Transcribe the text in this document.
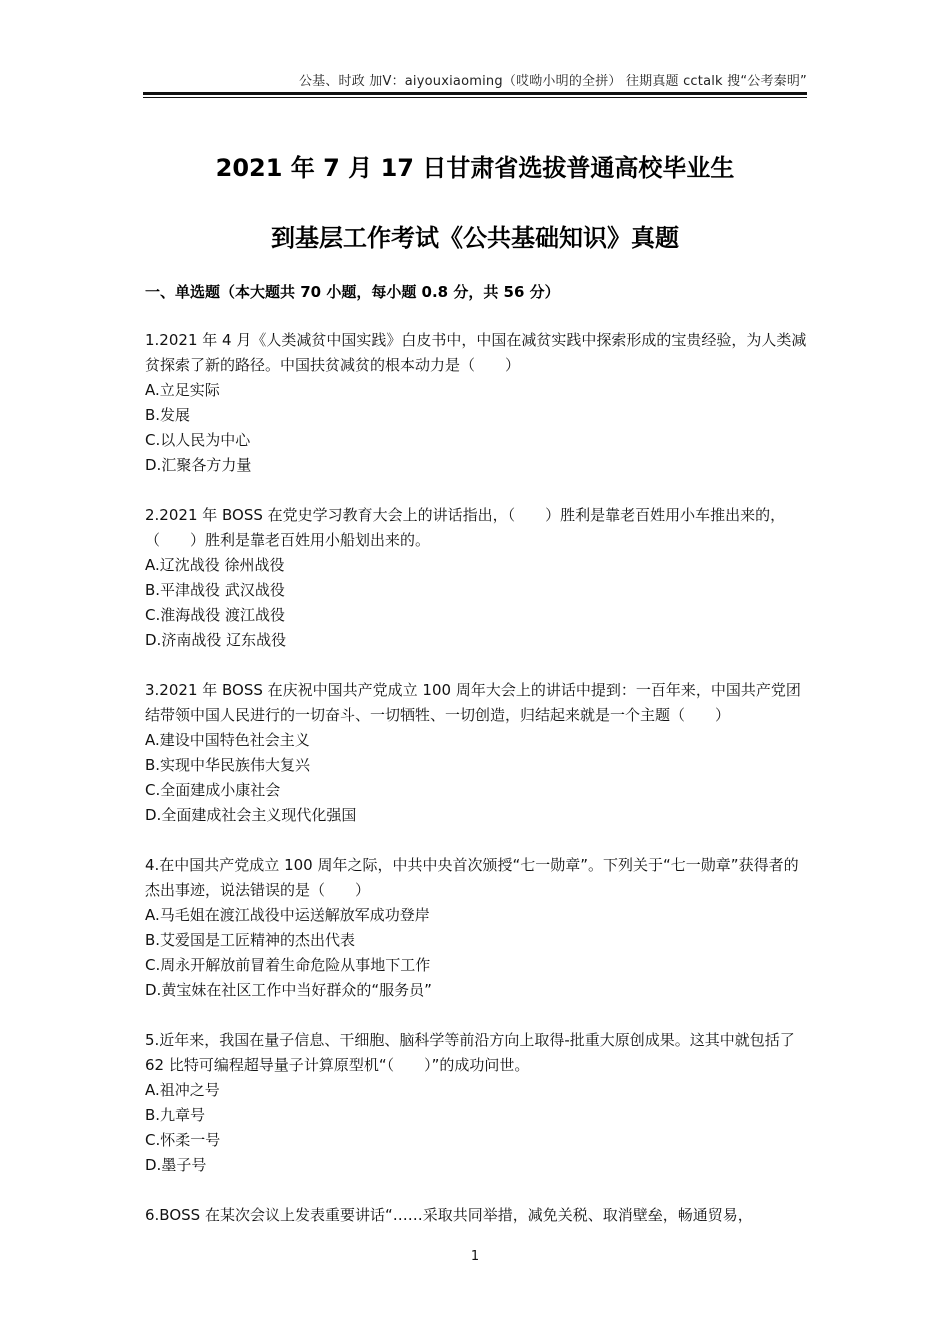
公基、时政 加V：aiyouxiaoming（哎呦小明的全拼） 往期真题 cctalk 搜“公考秦明”
2021 年 7 月 17 日甘肃省选拔普通高校毕业生
到基层工作考试《公共基础知识》真题
一、单选题（本大题共 70 小题，每小题 0.8 分，共 56 分）

1.2021 年 4 月《人类减贫中国实践》白皮书中，中国在减贫实践中探索形成的宝贵经验，为人类减贫探索了新的路径。中国扶贫减贫的根本动力是（　　）

A.立足实际

B.发展

C.以人民为中心

D.汇聚各方力量

2.2021 年 BOSS 在党史学习教育大会上的讲话指出，（　　）胜利是靠老百姓用小车推出来的，（　　）胜利是靠老百姓用小船划出来的。

A.辽沈战役 徐州战役

B.平津战役 武汉战役

C.淮海战役 渡江战役

D.济南战役 辽东战役

3.2021 年 BOSS 在庆祝中国共产党成立 100 周年大会上的讲话中提到：一百年来，中国共产党团结带领中国人民进行的一切奋斗、一切牺牲、一切创造，归结起来就是一个主题（　　）

A.建设中国特色社会主义

B.实现中华民族伟大复兴

C.全面建成小康社会

D.全面建成社会主义现代化强国

4.在中国共产党成立 100 周年之际，中共中央首次颁授“七一勋章”。下列关于“七一勋章”获得者的杰出事迹，说法错误的是（　　）

A.马毛姐在渡江战役中运送解放军成功登岸

B.艾爱国是工匠精神的杰出代表

C.周永开解放前冒着生命危险从事地下工作

D.黄宝妹在社区工作中当好群众的“服务员”

5.近年来，我国在量子信息、干细胞、脑科学等前沿方向上取得-批重大原创成果。这其中就包括了 62 比特可编程超导量子计算原型机“（　　）”的成功问世。

A.祖冲之号

B.九章号

C.怀柔一号

D.墨子号

6.BOSS 在某次会议上发表重要讲话“……采取共同举措，减免关税、取消壁垒，畅通贸易，

1
